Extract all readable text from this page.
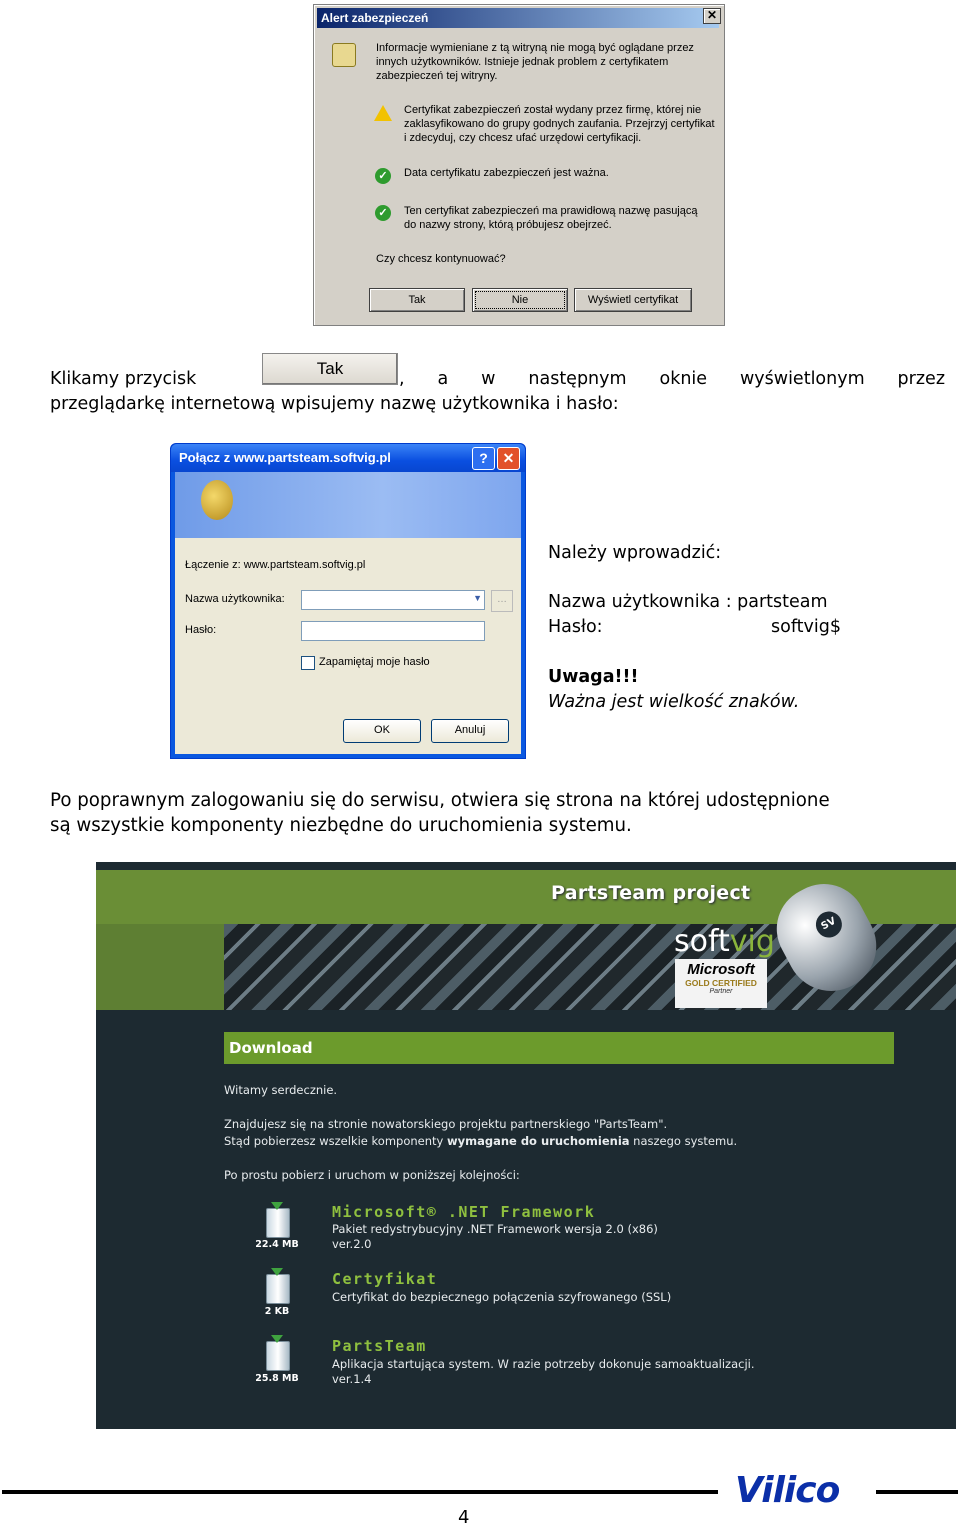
Alert zabezpieczeń	✕
Informacje wymieniane z tą witryną nie mogą być oglądane przez innych użytkowników. Istnieje jednak problem z certyfikatem zabezpieczeń tej witryny.
Certyfikat zabezpieczeń został wydany przez firmę, której nie zaklasyfikowano do grupy godnych zaufania. Przejrzyj certyfikat i zdecyduj, czy chcesz ufać urzędowi certyfikacji.
✓	Data certyfikatu zabezpieczeń jest ważna.
✓	Ten certyfikat zabezpieczeń ma prawidłową nazwę pasującą do nazwy strony, którą próbujesz obejrzeć.
Czy chcesz kontynuować?
Tak	Nie	Wyświetl certyfikat
Klikamy przycisk
Tak
, a w następnym oknie wyświetlonym przez
przeglądarkę internetową wpisujemy nazwę użytkownika i hasło:
Połącz z www.partsteam.softvig.pl	?	✕
Łączenie z: www.partsteam.softvig.pl
Nazwa użytkownika:	▼	…
Hasło:
Zapamiętaj moje hasło
OK	Anuluj
Należy wprowadzić:
Nazwa użytkownika : partsteam
Hasło:	softvig$
Uwaga!!!
Ważna jest wielkość znaków.
Po poprawnym zalogowaniu się do serwisu, otwiera się strona na której udostępnione
są wszystkie komponenty niezbędne do uruchomienia systemu.
PartsTeam project
softvig
Microsoft
GOLD CERTIFIED
Partner
SV
Download
Witamy serdecznie.
Znajdujesz się na stronie nowatorskiego projektu partnerskiego "PartsTeam".
Stąd pobierzesz wszelkie komponenty wymagane do uruchomienia naszego systemu.
Po prostu pobierz i uruchom w poniższej kolejności:
22.4 MB
Microsoft® .NET Framework
Pakiet redystrybucyjny .NET Framework wersja 2.0 (x86)
ver.2.0
2 KB
Certyfikat
Certyfikat do bezpiecznego połączenia szyfrowanego (SSL)
25.8 MB
PartsTeam
Aplikacja startująca system. W razie potrzeby dokonuje samoaktualizacji.
ver.1.4
Vilico
4
